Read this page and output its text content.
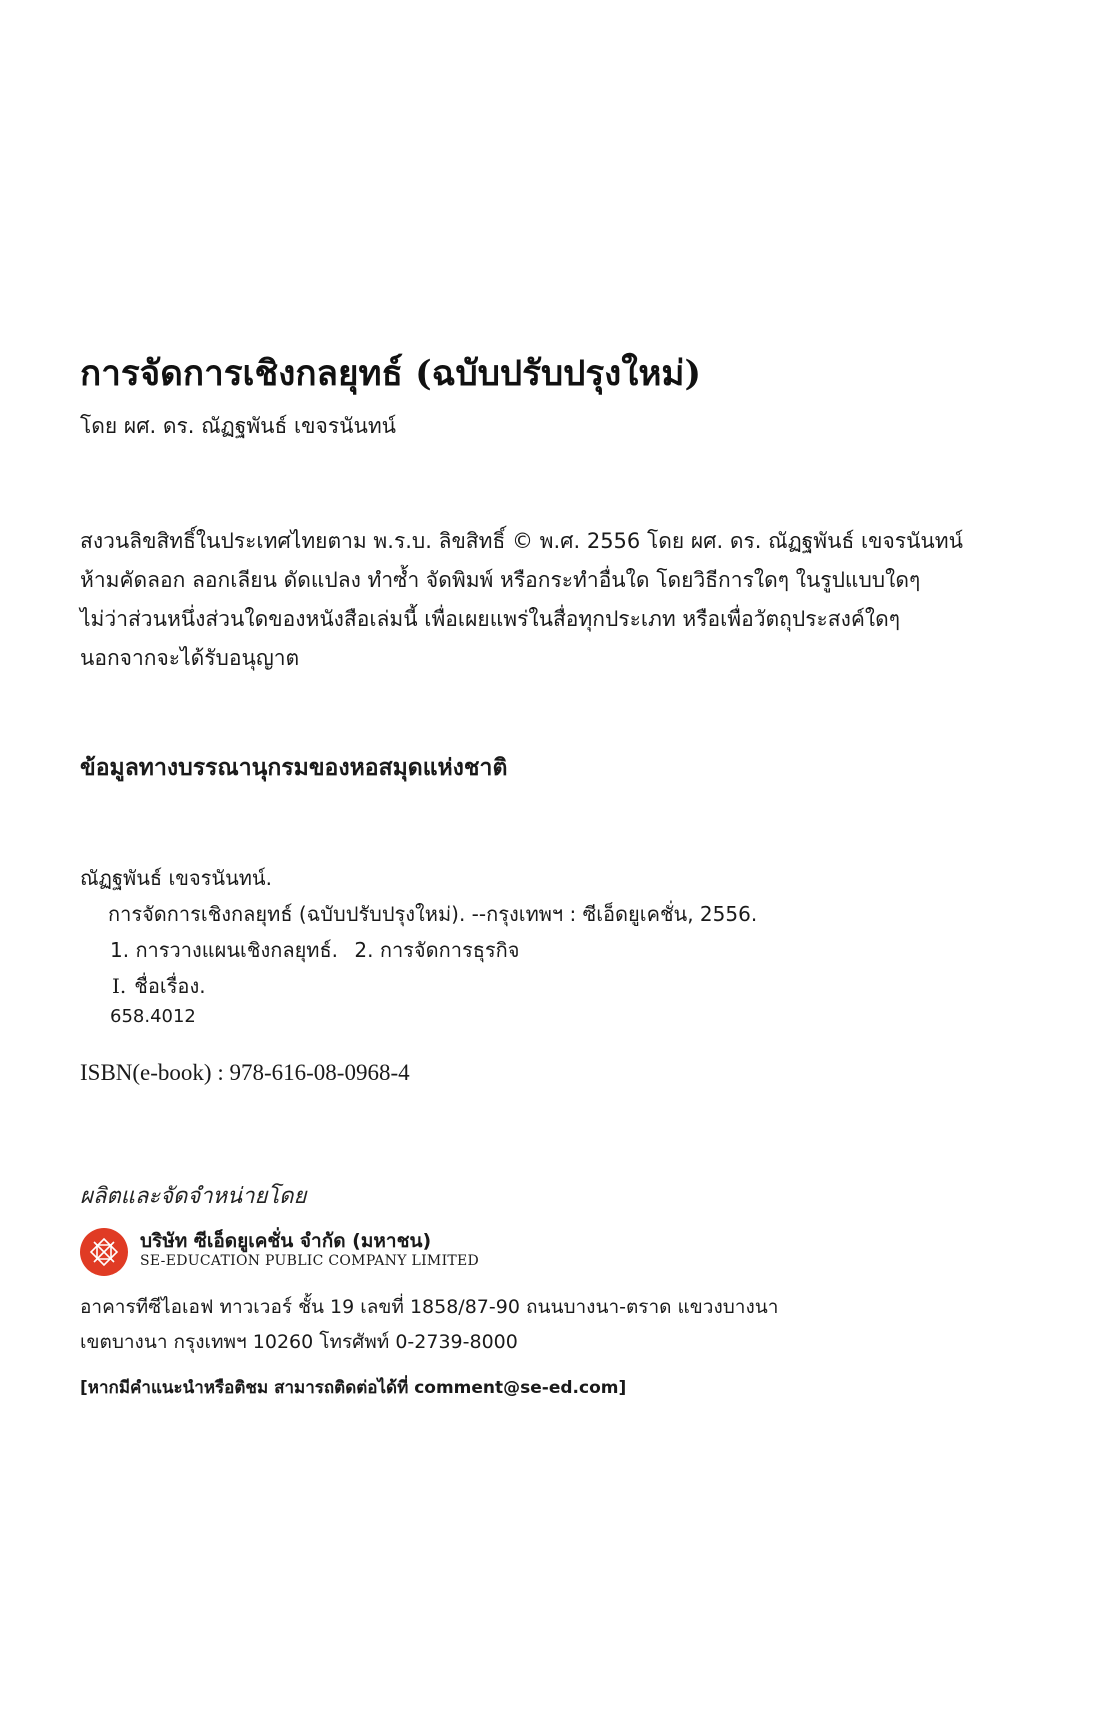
การจัดการเชิงกลยุทธ์ (ฉบับปรับปรุงใหม่)
โดย ผศ. ดร. ณัฏฐพันธ์ เขจรนันทน์
สงวนลิขสิทธิ์ในประเทศไทยตาม พ.ร.บ. ลิขสิทธิ์ © พ.ศ. 2556 โดย ผศ. ดร. ณัฏฐพันธ์ เขจรนันทน์
ห้ามคัดลอก ลอกเลียน ดัดแปลง ทำซ้ำ จัดพิมพ์ หรือกระทำอื่นใด โดยวิธีการใดๆ ในรูปแบบใดๆ
ไม่ว่าส่วนหนึ่งส่วนใดของหนังสือเล่มนี้ เพื่อเผยแพร่ในสื่อทุกประเภท หรือเพื่อวัตถุประสงค์ใดๆ
นอกจากจะได้รับอนุญาต
ข้อมูลทางบรรณานุกรมของหอสมุดแห่งชาติ
ณัฏฐพันธ์ เขจรนันทน์.
การจัดการเชิงกลยุทธ์ (ฉบับปรับปรุงใหม่). --กรุงเทพฯ : ซีเอ็ดยูเคชั่น, 2556.
1. การวางแผนเชิงกลยุทธ์. 2. การจัดการธุรกิจ
I. ชื่อเรื่อง.
658.4012
ISBN(e-book) : 978-616-08-0968-4
ผลิตและจัดจำหน่ายโดย
บริษัท ซีเอ็ดยูเคชั่น จำกัด (มหาชน)
SE-EDUCATION PUBLIC COMPANY LIMITED
อาคารทีซีไอเอฟ ทาวเวอร์ ชั้น 19 เลขที่ 1858/87-90 ถนนบางนา-ตราด แขวงบางนา
เขตบางนา กรุงเทพฯ 10260 โทรศัพท์ 0-2739-8000
[หากมีคำแนะนำหรือติชม สามารถติดต่อได้ที่ comment@se-ed.com]
